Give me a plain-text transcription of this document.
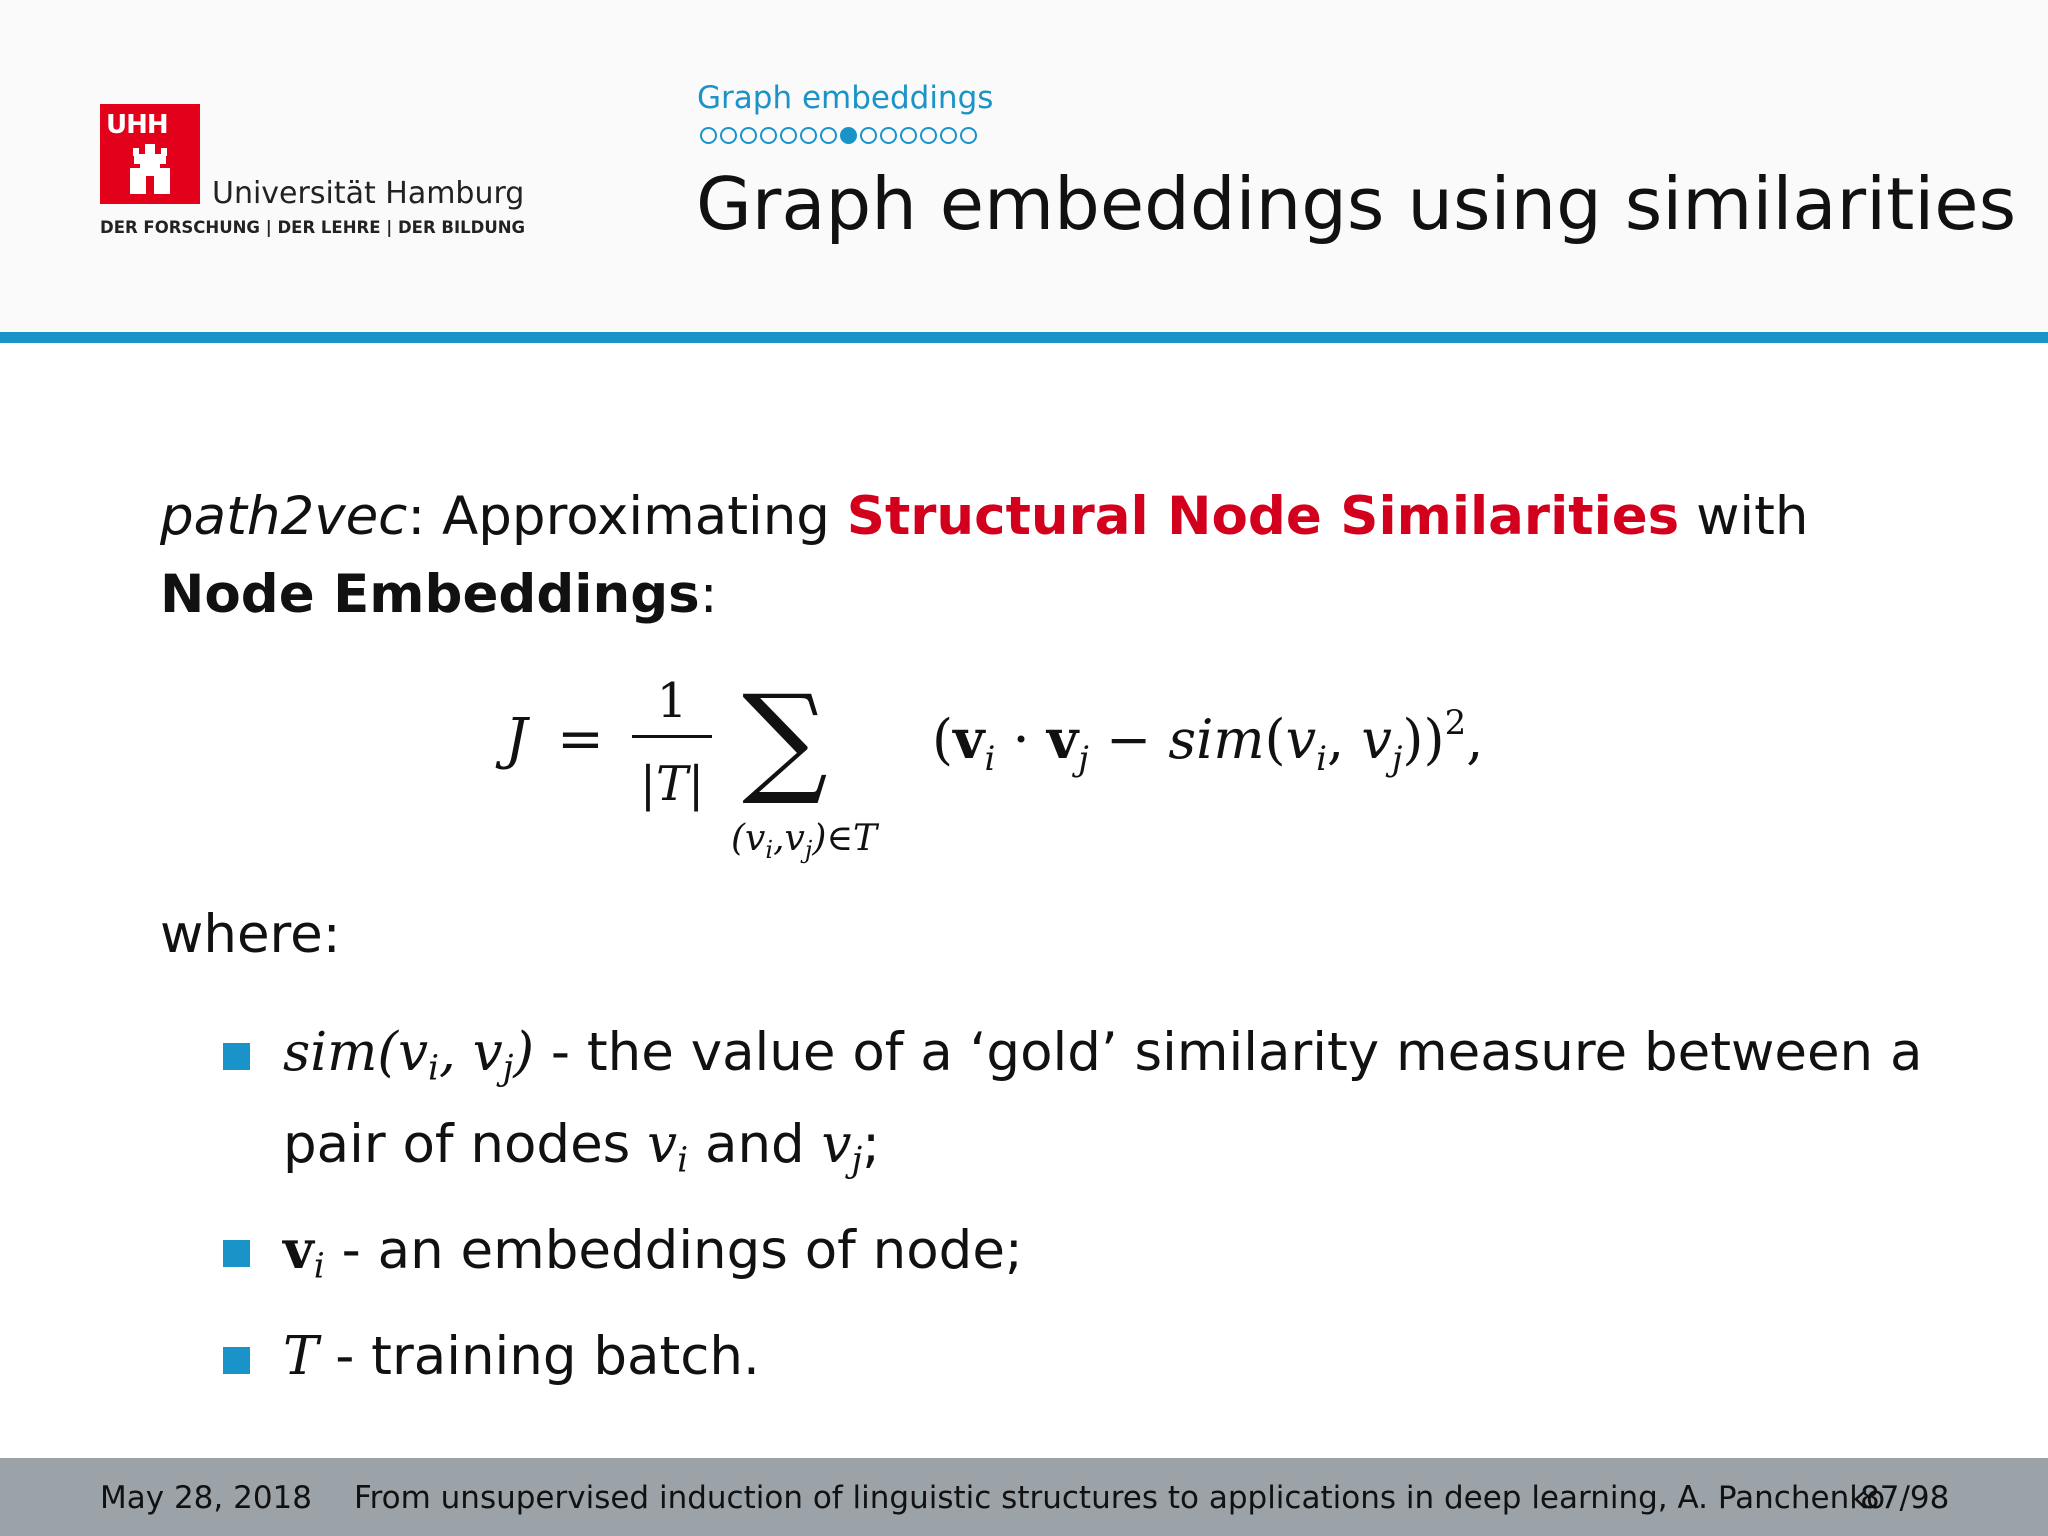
UHH
Universität Hamburg
DER FORSCHUNG | DER LEHRE | DER BILDUNG
Graph embeddings
Graph embeddings using similarities
path2vec: Approximating Structural Node Similarities with Node Embeddings:
J =
1
|T| ∑
$(v_i,v_j)\in T$
($v_i \cdot v_j - sim(v_i$, $v_j))^2$,
where:
$sim(v_i$, $v_j$) - the value of a ‘gold’ similarity measure between a pair of nodes $v_i$ and $v_j$;
$v_i$ - an embeddings of node;
T - training batch.
May 28, 2018 From unsupervised induction of linguistic structures to applications in deep learning, A. Panchenko
87/98
